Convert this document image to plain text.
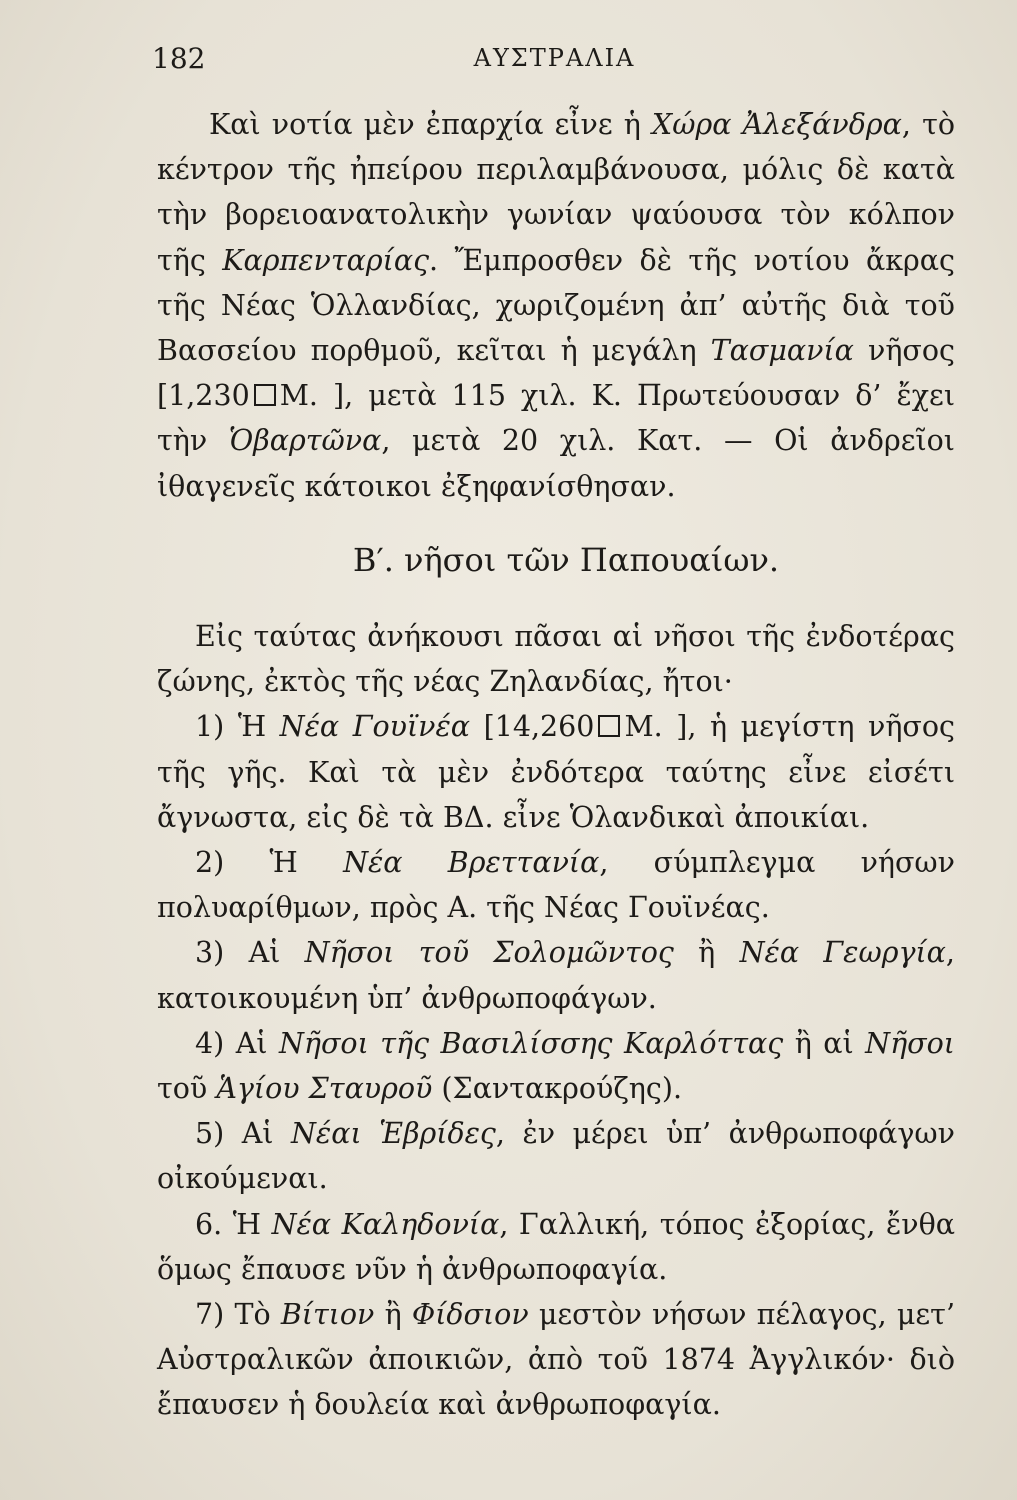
182	ΑΥΣΤΡΑΛΙΑ

Καὶ νοτία μὲν ἐπαρχία εἶνε ἡ Χώρα Ἀλεξάνδρα, τὸ κέντρον τῆς ἠπείρου περιλαμβάνουσα, μόλις δὲ κατὰ τὴν βορειοανατολικὴν γωνίαν ψαύουσα τὸν κόλπον τῆς Καρπενταρίας. Ἔμπροσθεν δὲ τῆς νοτίου ἄκρας τῆς Νέας Ὁλλανδίας, χωριζομένη ἀπ’ αὐτῆς διὰ τοῦ Βασσείου πορθμοῦ, κεῖται ἡ μεγάλη Τασμανία νῆσος [1,230 Μ. ], μετὰ 115 χιλ. Κ. Πρωτεύουσαν δ’ ἔχει τὴν Ὁβαρτῶνα, μετὰ 20 χιλ. Κατ. — Οἱ ἀνδρεῖοι ἰθαγενεῖς κάτοικοι ἐξηφανίσθησαν.

Β′. νῆσοι τῶν Παπουαίων.

Εἰς ταύτας ἀνήκουσι πᾶσαι αἱ νῆσοι τῆς ἐνδοτέρας ζώνης, ἐκτὸς τῆς νέας Ζηλανδίας, ἤτοι·

1) Ἡ Νέα Γουϊνέα [14,260 Μ. ], ἡ μεγίστη νῆσος τῆς γῆς. Καὶ τὰ μὲν ἐνδότερα ταύτης εἶνε εἰσέτι ἄγνωστα, εἰς δὲ τὰ ΒΔ. εἶνε Ὁλανδικαὶ ἀποικίαι.
2) Ἡ Νέα Βρεττανία, σύμπλεγμα νήσων πολυαρίθμων, πρὸς Α. τῆς Νέας Γουϊνέας.
3) Αἱ Νῆσοι τοῦ Σολομῶντος ἢ Νέα Γεωργία, κατοικουμένη ὑπ’ ἀνθρωποφάγων.
4) Αἱ Νῆσοι τῆς Βασιλίσσης Καρλόττας ἢ αἱ Νῆσοι τοῦ Ἁγίου Σταυροῦ (Σαντακρούζης).
5) Αἱ Νέαι Ἑβρίδες, ἐν μέρει ὑπ’ ἀνθρωποφάγων οἰκούμεναι.
6. Ἡ Νέα Καληδονία, Γαλλική, τόπος ἐξορίας, ἔνθα ὅμως ἔπαυσε νῦν ἡ ἀνθρωποφαγία.
7) Τὸ Βίτιον ἢ Φίδσιον μεστὸν νήσων πέλαγος, μετ’ Αὐστραλικῶν ἀποικιῶν, ἀπὸ τοῦ 1874 Ἀγγλικόν· διὸ ἔπαυσεν ἡ δουλεία καὶ ἀνθρωποφαγία.
